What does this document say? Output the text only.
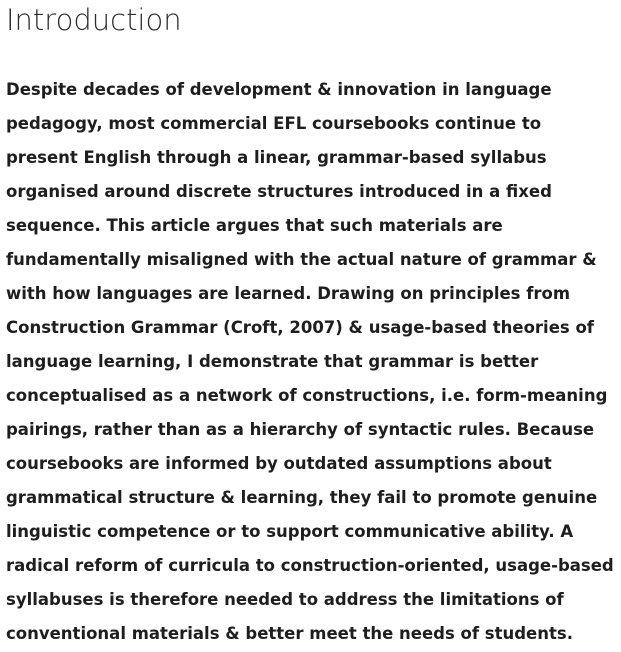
Introduction

Despite decades of development & innovation in language
pedagogy, most commercial EFL coursebooks continue to
present English through a linear, grammar-based syllabus
organised around discrete structures introduced in a fixed
sequence. This article argues that such materials are
fundamentally misaligned with the actual nature of grammar &
with how languages are learned. Drawing on principles from
Construction Grammar (Croft, 2007) & usage-based theories of
language learning, I demonstrate that grammar is better
conceptualised as a network of constructions, i.e. form-meaning
pairings, rather than as a hierarchy of syntactic rules. Because
coursebooks are informed by outdated assumptions about
grammatical structure & learning, they fail to promote genuine
linguistic competence or to support communicative ability. A
radical reform of curricula to construction-oriented, usage-based
syllabuses is therefore needed to address the limitations of
conventional materials & better meet the needs of students.
